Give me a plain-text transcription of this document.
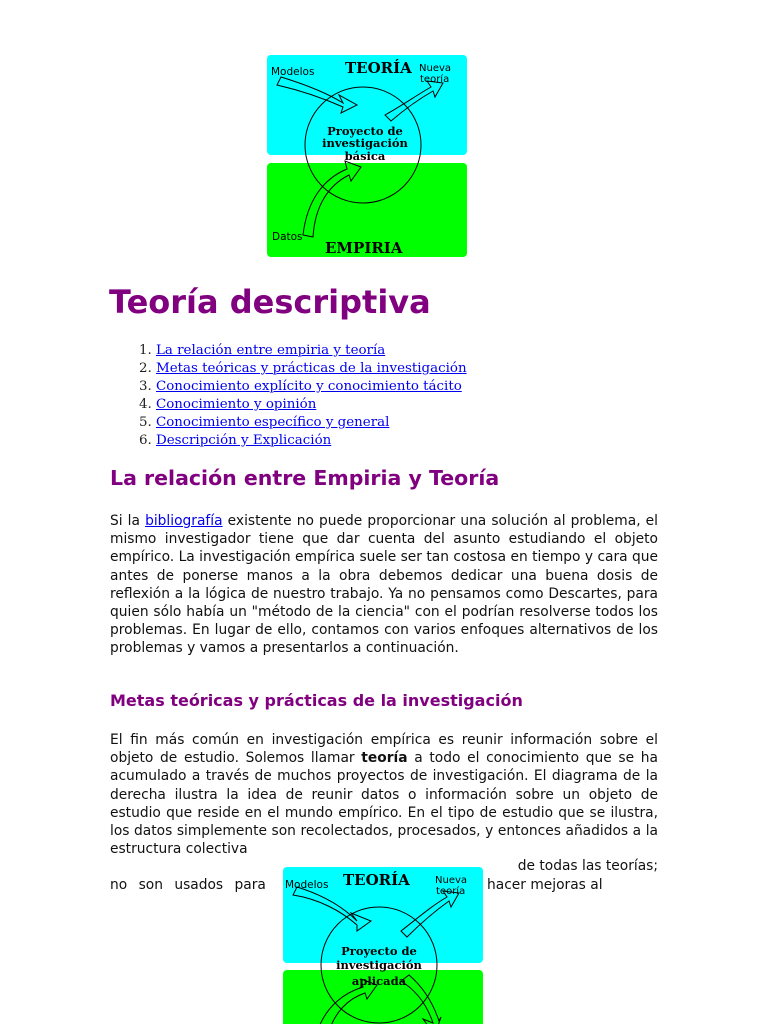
Modelos TEORÍA Nueva
teoría
Proyecto de
investigación
básica
Datos
EMPIRIA
Teoría descriptiva
1. La relación entre empiria y teoría
2. Metas teóricas y prácticas de la investigación
3. Conocimiento explícito y conocimiento tácito
4. Conocimiento y opinión
5. Conocimiento específico y general
6. Descripción y Explicación
La relación entre Empiria y Teoría

Si la bibliografía existente no puede proporcionar una solución al problema, el mismo investigador tiene que dar cuenta del asunto estudiando el objeto empírico. La investigación empírica suele ser tan costosa en tiempo y cara que antes de ponerse manos a la obra debemos dedicar una buena dosis de reflexión a la lógica de nuestro trabajo. Ya no pensamos como Descartes, para quien sólo había un "método de la ciencia" con el podrían resolverse todos los problemas. En lugar de ello, contamos con varios enfoques alternativos de los problemas y vamos a presentarlos a continuación.

Metas teóricas y prácticas de la investigación

El fin más común en investigación empírica es reunir información sobre el objeto de estudio. Solemos llamar teoría a todo el conocimiento que se ha acumulado a través de muchos proyectos de investigación. El diagrama de la derecha ilustra la idea de reunir datos o información sobre un objeto de estudio que reside en el mundo empírico. En el tipo de estudio que se ilustra, los datos simplemente son recolectados, procesados, y entonces añadidos a la estructura colectiva

de todas las teorías;
no son usados para	hacer mejoras al
Modelos TEORÍA	Nueva
teoría
Proyecto de
investigación
aplicada
